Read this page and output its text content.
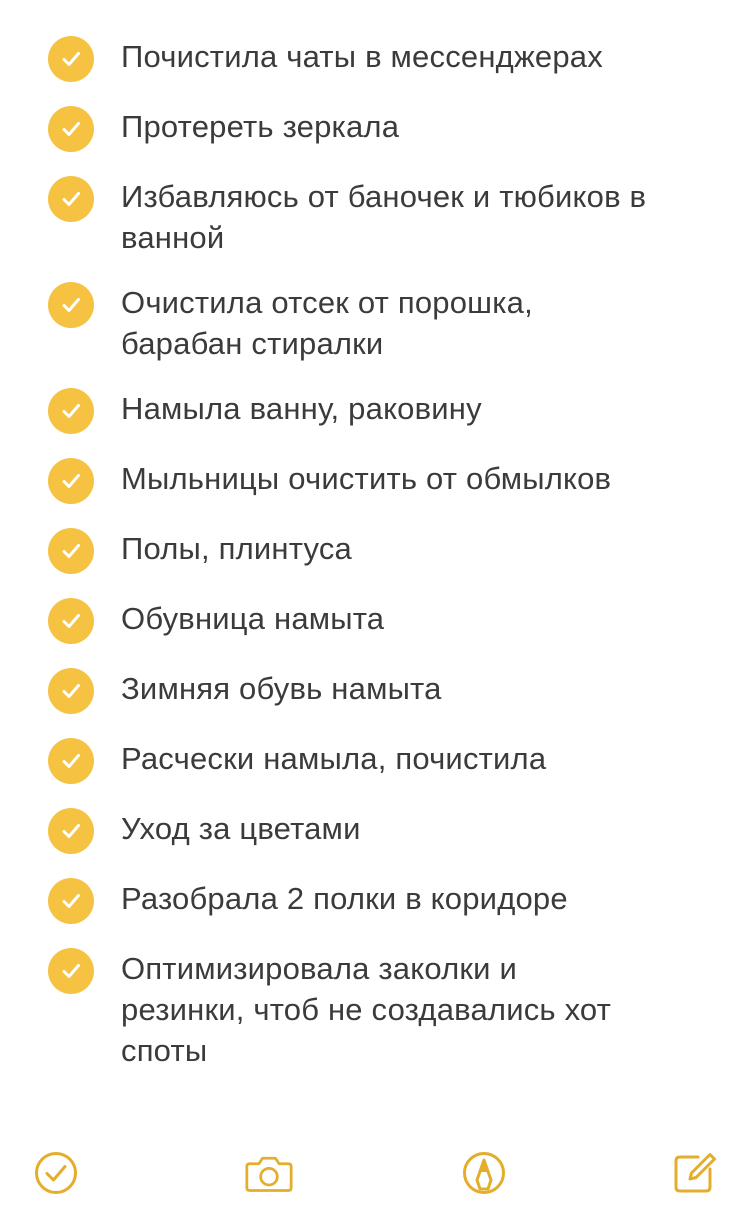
Почистила чаты в мессенджерах
Протереть зеркала
Избавляюсь от баночек и тюбиков в
ванной
Очистила отсек от порошка,
барабан стиралки
Намыла ванну, раковину
Мыльницы очистить от обмылков
Полы, плинтуса
Обувница намыта
Зимняя обувь намыта
Расчески намыла, почистила
Уход за цветами
Разобрала 2 полки в коридоре
Оптимизировала заколки и
резинки, чтоб не создавались хот
споты
